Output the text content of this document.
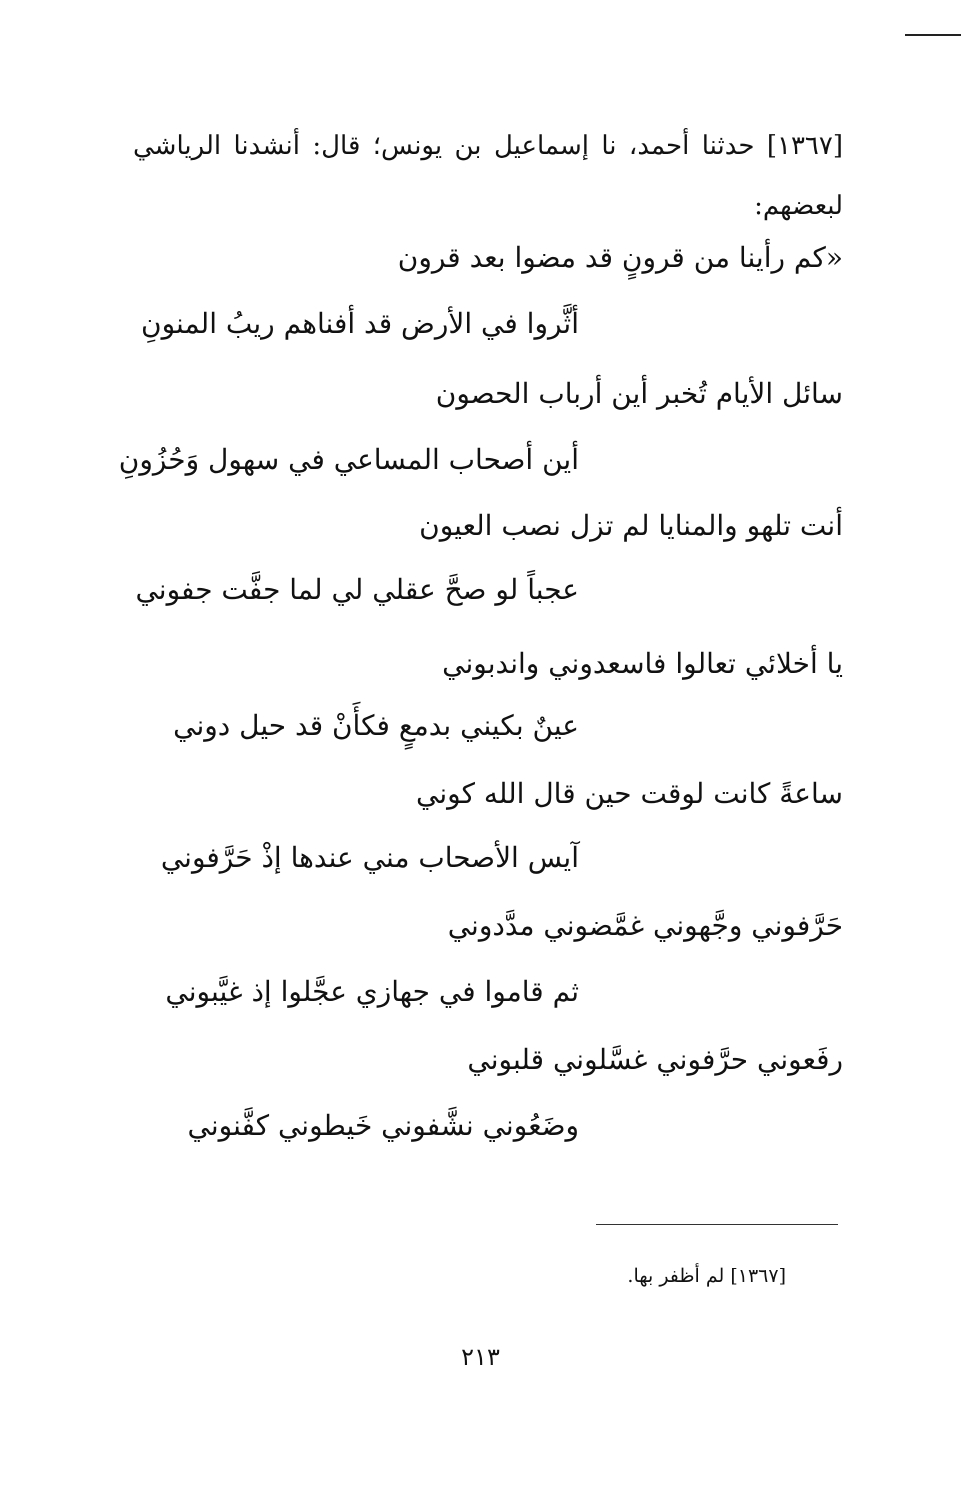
[١٣٦٧] حدثنا أحمد، نا إسماعيل بن يونس؛ قال: أنشدنا الرياشي لبعضهم:

«كم رأينا من قرونٍ قد مضوا بعد قرون

أثَّروا في الأرض قد أفناهم ريبُ المنونِ

سائل الأيام تُخبر أين أرباب الحصون

أين أصحاب المساعي في سهول وَحُزُونِ

أنت تلهو والمنايا لم تزل نصب العيون

عجباً لو صحَّ عقلي لي لما جفَّت جفوني

يا أخلائي تعالوا فاسعدوني واندبوني

عينٌ بكيني بدمعٍ فكأَنْ قد حيل دوني

ساعةً كانت لوقت حين قال الله كوني

آيس الأصحاب مني عندها إذْ حَرَّفوني

حَرَّفوني وجَّهوني غمَّضوني مدَّدوني

ثم قاموا في جهازي عجَّلوا إذ غيَّبوني

رفَعوني حرَّفوني غسَّلوني قلبوني

وضَعُوني نشَّفوني خَيطوني كفَّنوني

[١٣٦٧] لم أظفر بها.

٢١٣
